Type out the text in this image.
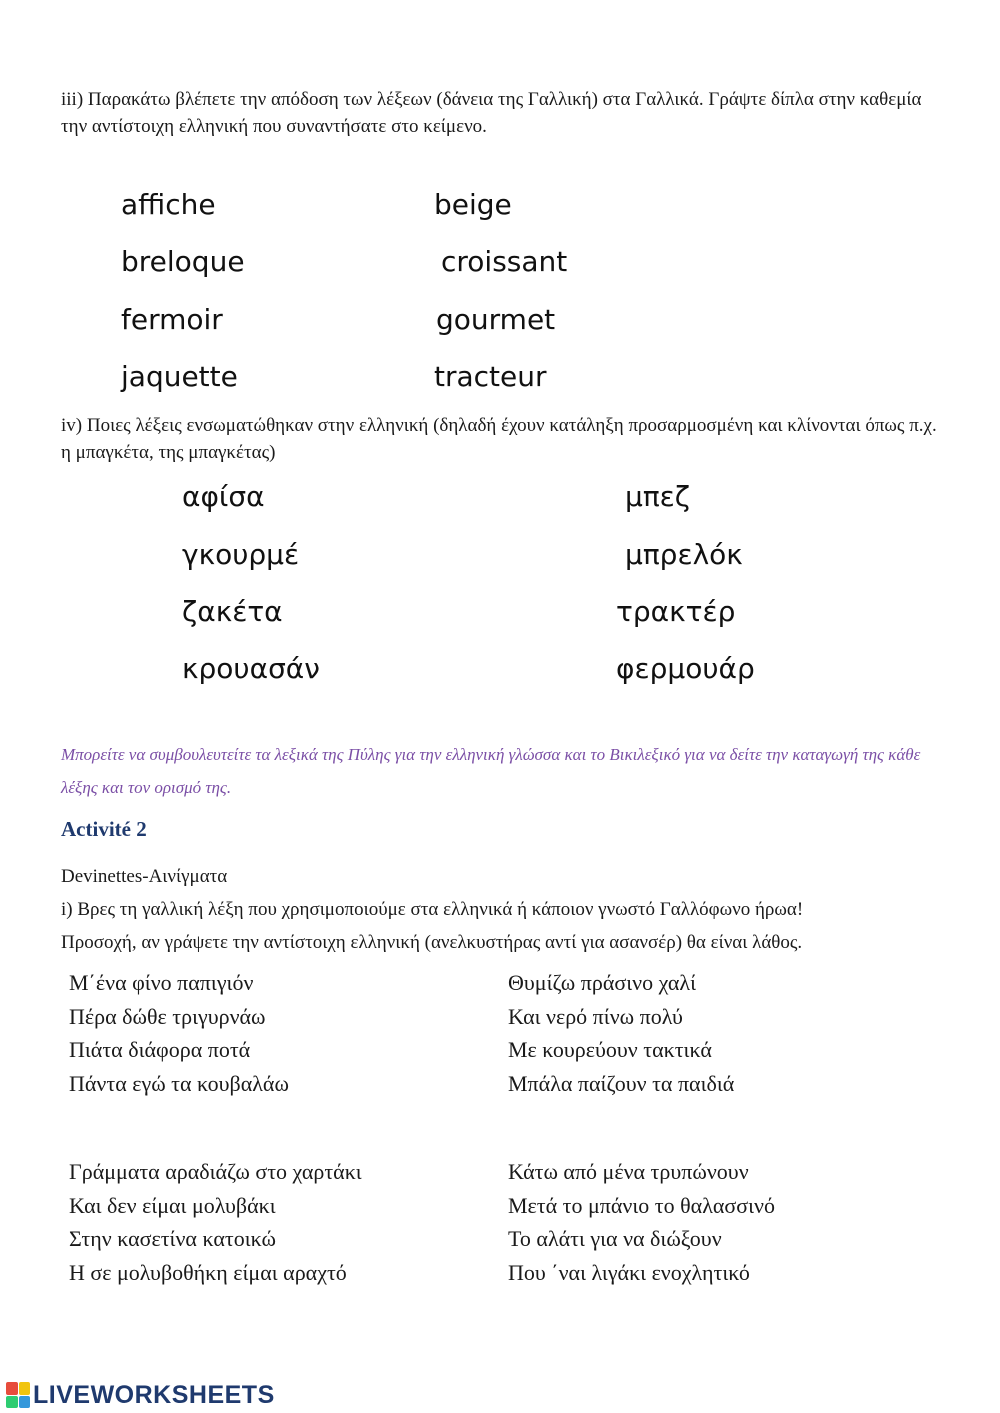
iii) Παρακάτω βλέπετε την απόδοση των λέξεων (δάνεια της Γαλλική) στα Γαλλικά. Γράψτε δίπλα στην καθεμία την αντίστοιχη ελληνική που συναντήσατε στο κείμενο.
affiche	beige
breloque	croissant
fermoir	gourmet
jaquette	tracteur
iv) Ποιες λέξεις ενσωματώθηκαν στην ελληνική (δηλαδή έχουν κατάληξη προσαρμοσμένη και κλίνονται όπως π.χ. η μπαγκέτα, της μπαγκέτας)
αφίσα	μπεζ
γκουρμέ	μπρελόκ
ζακέτα	τρακτέρ
κρουασάν	φερμουάρ
Μπορείτε να συμβουλευτείτε τα λεξικά της Πύλης για την ελληνική γλώσσα και το Βικιλεξικό για να δείτε την καταγωγή της κάθε λέξης και τον ορισμό της.
Activité 2
Devinettes-Αινίγματα
i) Βρες τη γαλλική λέξη που χρησιμοποιούμε στα ελληνικά ή κάποιον γνωστό Γαλλόφωνο ήρωα!
Προσοχή, αν γράψετε την αντίστοιχη ελληνική (ανελκυστήρας αντί για ασανσέρ) θα είναι λάθος.
Μ΄ένα φίνο παπιγιόν
Πέρα δώθε τριγυρνάω
Πιάτα διάφορα ποτά
Πάντα εγώ τα κουβαλάω
Θυμίζω πράσινο χαλί
Και νερό πίνω πολύ
Με κουρεύουν τακτικά
Μπάλα παίζουν τα παιδιά
Γράμματα αραδιάζω στο χαρτάκι
Και δεν είμαι μολυβάκι
Στην κασετίνα κατοικώ
Η σε μολυβοθήκη είμαι αραχτό
Κάτω από μένα τρυπώνουν
Μετά το μπάνιο το θαλασσινό
Το αλάτι για να διώξουν
Που ΄ναι λιγάκι ενοχλητικό
LIVEWORKSHEETS
